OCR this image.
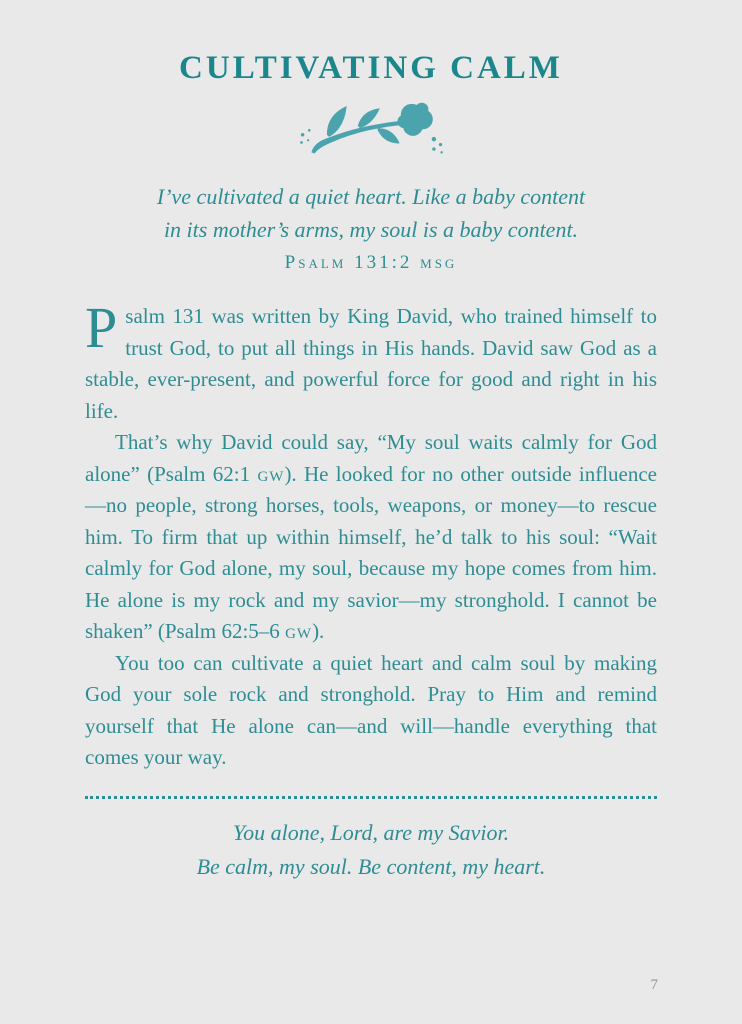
CULTIVATING CALM
I’ve cultivated a quiet heart. Like a baby content
in its mother’s arms, my soul is a baby content.
Psalm 131:2 msg

Psalm 131 was written by King David, who trained himself to trust God, to put all things in His hands. David saw God as a stable, ever-present, and powerful force for good and right in his life.

That’s why David could say, “My soul waits calmly for God alone” (Psalm 62:1 gw). He looked for no other outside influence—no people, strong horses, tools, weapons, or money—to rescue him. To firm that up within himself, he’d talk to his soul: “Wait calmly for God alone, my soul, because my hope comes from him. He alone is my rock and my savior—my stronghold. I cannot be shaken” (Psalm 62:5–6 gw).

You too can cultivate a quiet heart and calm soul by making God your sole rock and stronghold. Pray to Him and remind yourself that He alone can—and will—handle everything that comes your way.

You alone, Lord, are my Savior.
Be calm, my soul. Be content, my heart.
7
